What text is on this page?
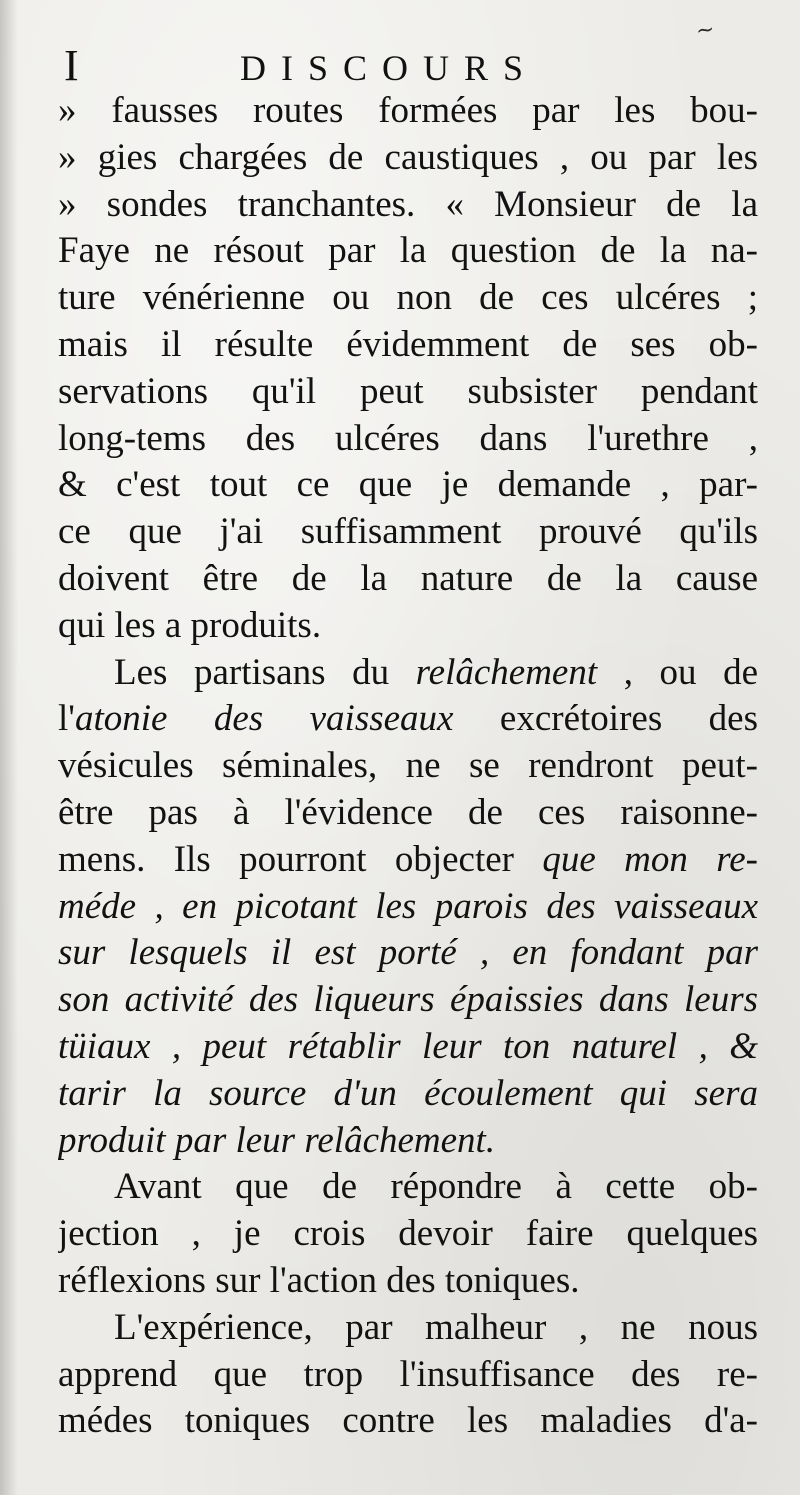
~
I	DISCOURS
» fausses routes formées par les bou-
» gies chargées de caustiques , ou par les
» sondes tranchantes. « Monsieur de la
Faye ne résout par la question de la na-
ture vénérienne ou non de ces ulcéres ;
mais il résulte évidemment de ses ob-
servations qu'il peut subsister pendant
long-tems des ulcéres dans l'urethre ,
& c'est tout ce que je demande , par-
ce que j'ai suffisamment prouvé qu'ils
doivent être de la nature de la cause
qui les a produits.
Les partisans du relâchement , ou de
l'atonie des vaisseaux excrétoires des
vésicules séminales, ne se rendront peut-
être pas à l'évidence de ces raisonne-
mens. Ils pourront objecter que mon re-
méde , en picotant les parois des vaisseaux
sur lesquels il est porté , en fondant par
son activité des liqueurs épaissies dans leurs
tüiaux , peut rétablir leur ton naturel , &
tarir la source d'un écoulement qui sera
produit par leur relâchement.
Avant que de répondre à cette ob-
jection , je crois devoir faire quelques
réflexions sur l'action des toniques.
L'expérience, par malheur , ne nous
apprend que trop l'insuffisance des re-
médes toniques contre les maladies d'a-
